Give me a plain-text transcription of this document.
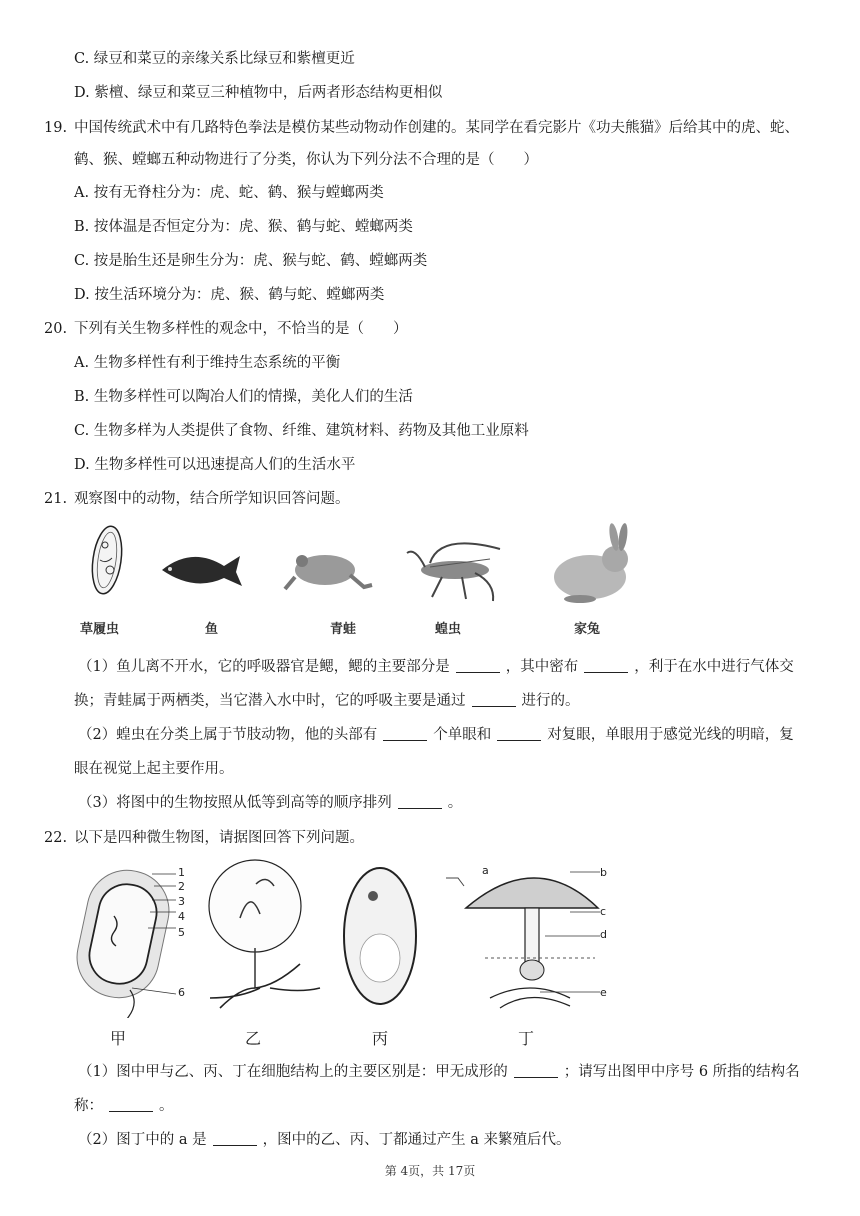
C. 绿豆和菜豆的亲缘关系比绿豆和紫檀更近
D. 紫檀、绿豆和菜豆三种植物中，后两者形态结构更相似
19. 中国传统武术中有几路特色拳法是模仿某些动物动作创建的。某同学在看完影片《功夫熊猫》后给其中的虎、蛇、
鹤、猴、螳螂五种动物进行了分类，你认为下列分法不合理的是（　　）
A. 按有无脊柱分为：虎、蛇、鹤、猴与螳螂两类
B. 按体温是否恒定分为：虎、猴、鹤与蛇、螳螂两类
C. 按是胎生还是卵生分为：虎、猴与蛇、鹤、螳螂两类
D. 按生活环境分为：虎、猴、鹤与蛇、螳螂两类
20. 下列有关生物多样性的观念中，不恰当的是（　　）
A. 生物多样性有利于维持生态系统的平衡
B. 生物多样性可以陶冶人们的情操，美化人们的生活
C. 生物多样为人类提供了食物、纤维、建筑材料、药物及其他工业原料
D. 生物多样性可以迅速提高人们的生活水平
21. 观察图中的动物，结合所学知识回答问题。
草履虫	鱼	青蛙	蝗虫	家兔
（1）鱼儿离不开水，它的呼吸器官是鳃，鳃的主要部分是	，其中密布	，利于在水中进行气体交
换；青蛙属于两栖类，当它潜入水中时，它的呼吸主要是通过	进行的。
（2）蝗虫在分类上属于节肢动物，他的头部有	个单眼和	对复眼，单眼用于感觉光线的明暗，复
眼在视觉上起主要作用。
（3）将图中的生物按照从低等到高等的顺序排列	。
22. 以下是四种微生物图，请据图回答下列问题。
1
2
3
4
5
6
a	b
c
d
e
甲	乙	丙	丁
（1）图中甲与乙、丙、丁在细胞结构上的主要区别是：甲无成形的	；请写出图甲中序号 6 所指的结构名
称：	。
（2）图丁中的 a 是	，图中的乙、丙、丁都通过产生 a 来繁殖后代。
第 4页，共 17页
